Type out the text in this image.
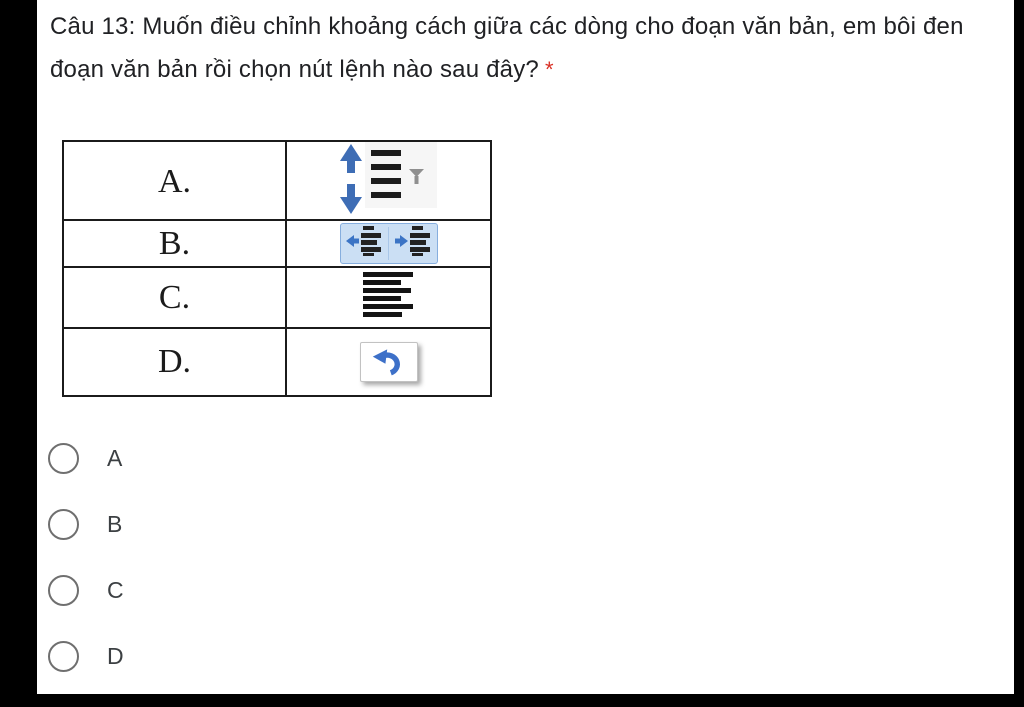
Câu 13: Muốn điều chỉnh khoảng cách giữa các dòng cho đoạn văn bản, em bôi đen đoạn văn bản rồi chọn nút lệnh nào sau đây? *
A.
B.
C.
D.
A
B
C
D
